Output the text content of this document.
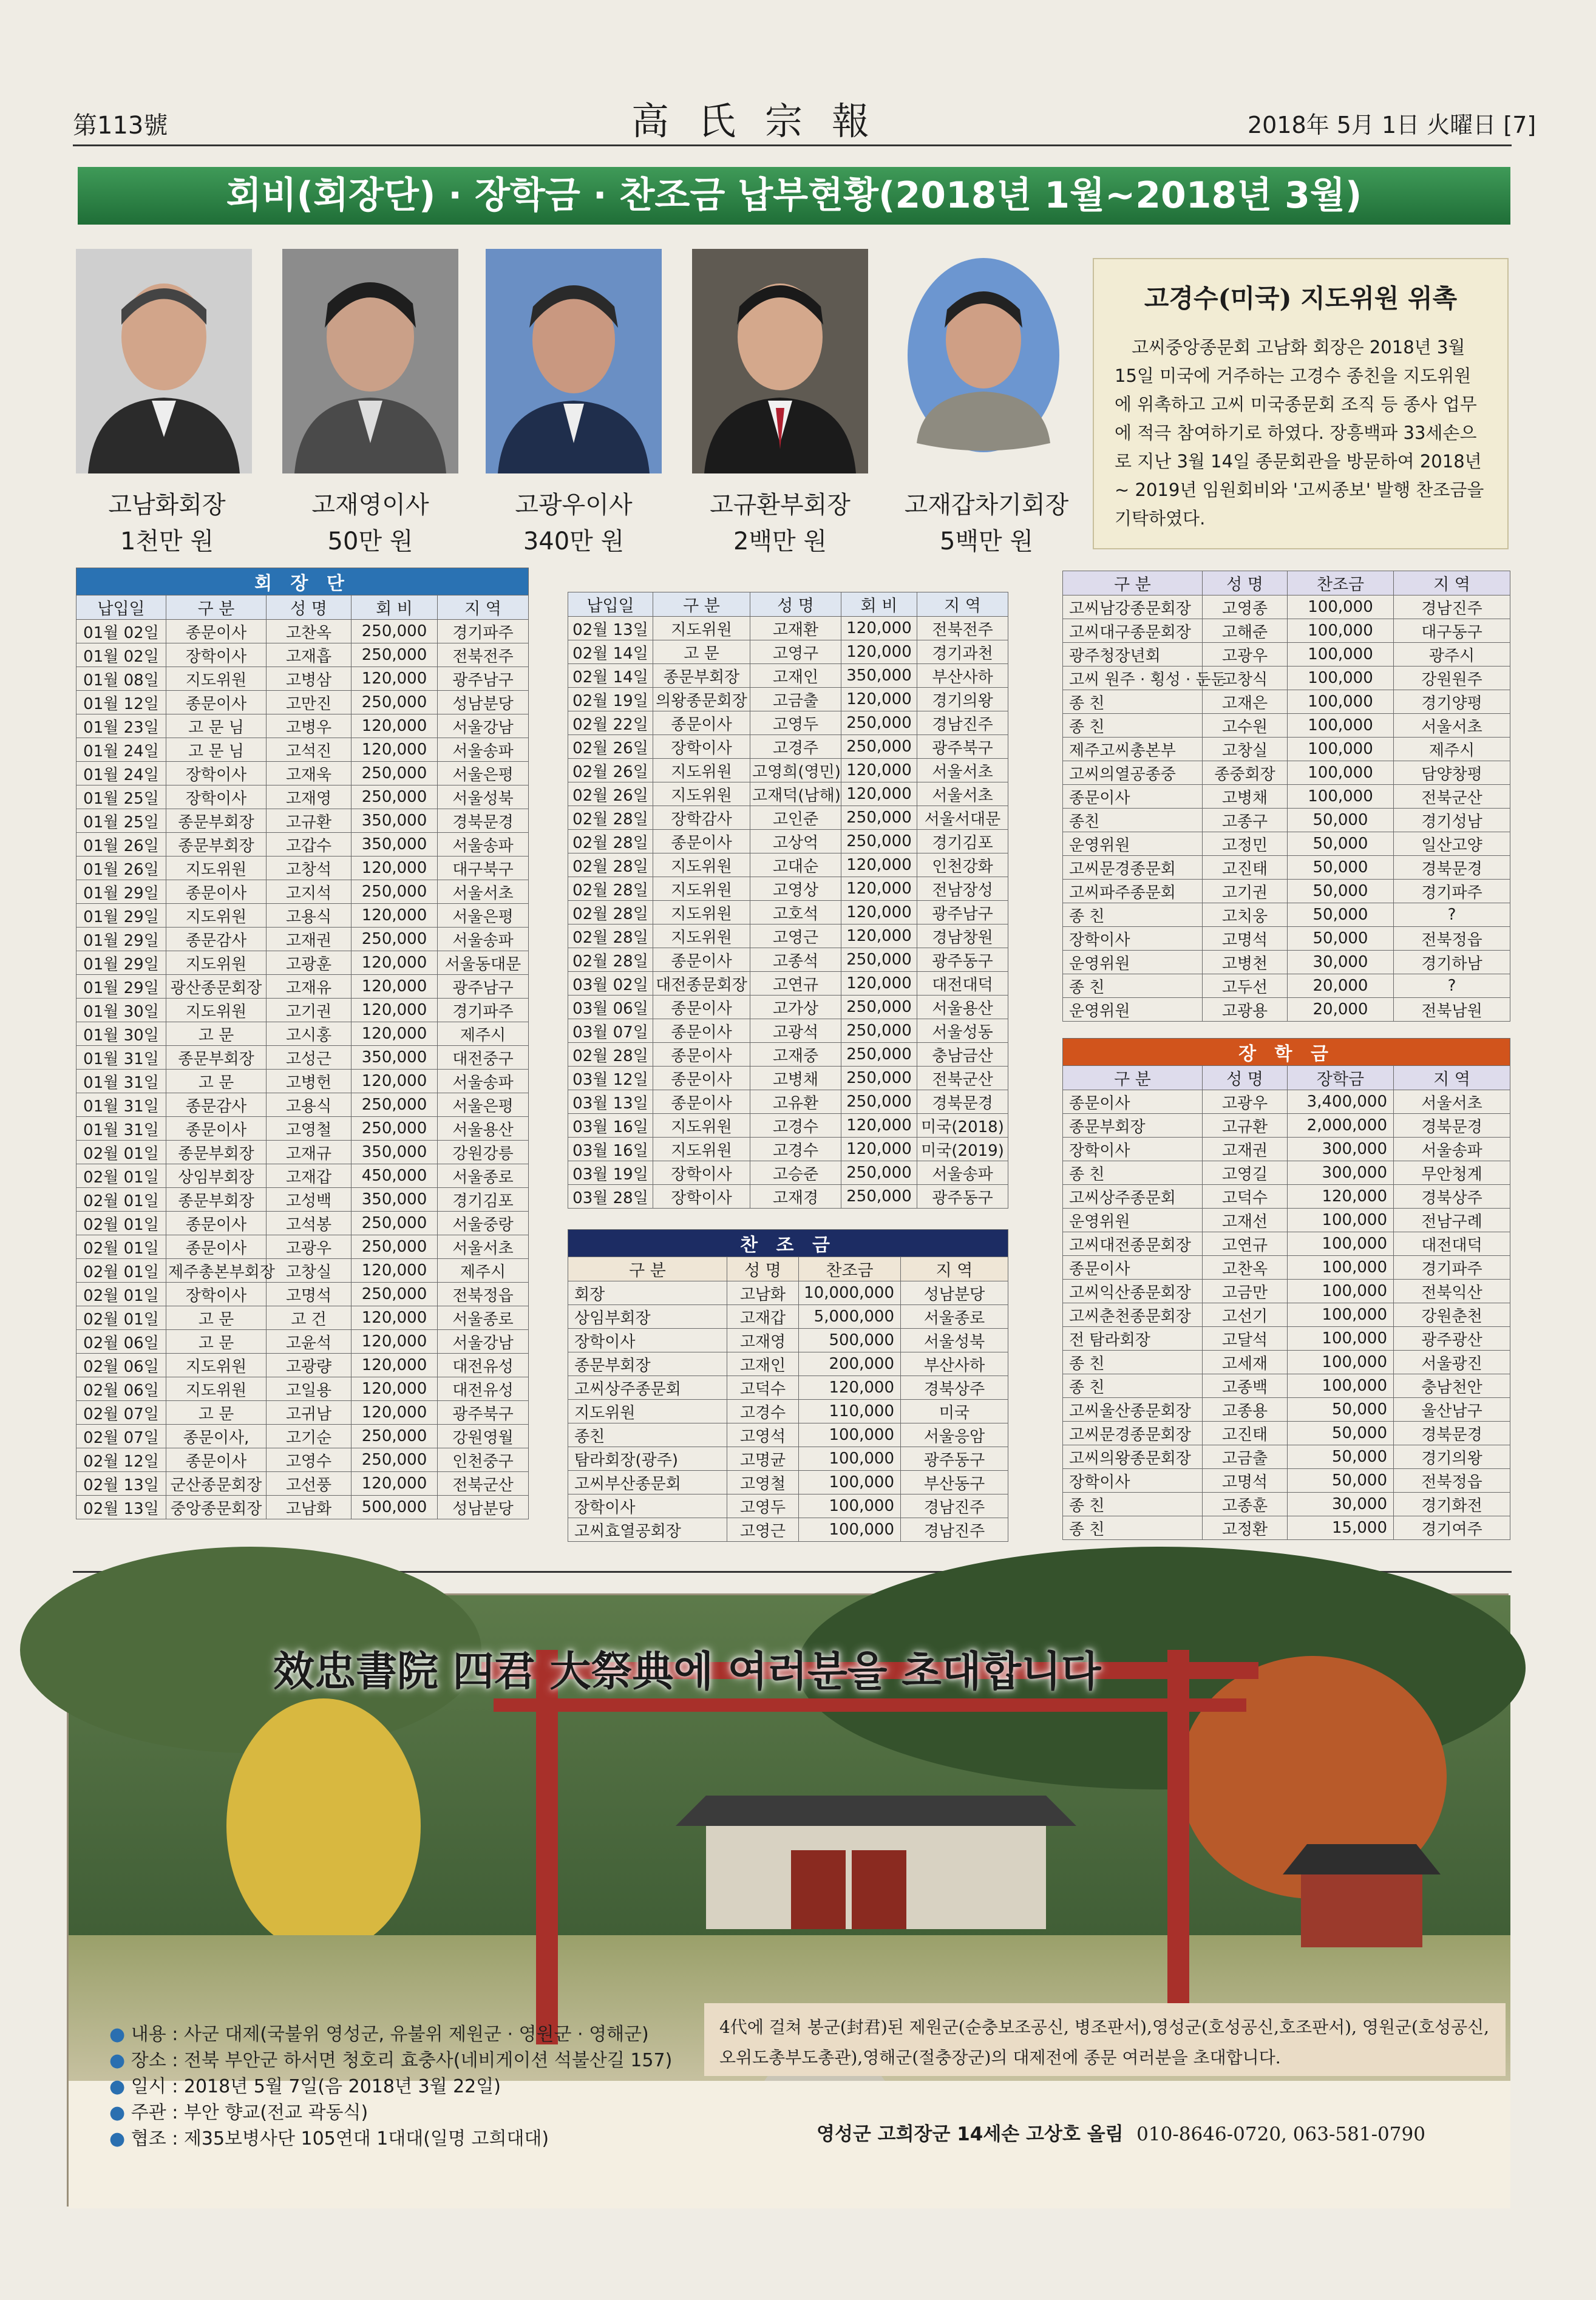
第113號	高氏宗報	2018年 5月 1日 火曜日 [7]
회비(회장단) · 장학금 · 찬조금 납부현황(2018년 1월~2018년 3월)
고남화회장
1천만 원
고재영이사
50만 원
고광우이사
340만 원
고규환부회장
2백만 원
고재갑차기회장
5백만 원
고경수(미국) 지도위원 위촉

고씨중앙종문회 고남화 회장은 2018년 3월 15일 미국에 거주하는 고경수 종친을 지도위원에 위촉하고 고씨 미국종문회 조직 등 종사 업무에 적극 참여하기로 하였다. 장흥백파 33세손으로 지난 3월 14일 종문회관을 방문하여 2018년~ 2019년 임원회비와 '고씨종보' 발행 찬조금을 기탁하였다.

회 장 단				
납입일	구 분	성 명	회 비	지 역
01월 02일	종문이사	고찬옥	250,000	경기파주
01월 02일	장학이사	고재흡	250,000	전북전주
01월 08일	지도위원	고병삼	120,000	광주남구
01월 12일	종문이사	고만진	250,000	성남분당
01월 23일	고 문 님	고병우	120,000	서울강남
01월 24일	고 문 님	고석진	120,000	서울송파
01월 24일	장학이사	고재욱	250,000	서울은평
01월 25일	장학이사	고재영	250,000	서울성북
01월 25일	종문부회장	고규환	350,000	경북문경
01월 26일	종문부회장	고갑수	350,000	서울송파
01월 26일	지도위원	고창석	120,000	대구북구
01월 29일	종문이사	고지석	250,000	서울서초
01월 29일	지도위원	고용식	120,000	서울은평
01월 29일	종문감사	고재권	250,000	서울송파
01월 29일	지도위원	고광훈	120,000	서울동대문
01월 29일	광산종문회장	고재유	120,000	광주남구
01월 30일	지도위원	고기권	120,000	경기파주
01월 30일	고 문	고시홍	120,000	제주시
01월 31일	종문부회장	고성근	350,000	대전중구
01월 31일	고 문	고병헌	120,000	서울송파
01월 31일	종문감사	고용식	250,000	서울은평
01월 31일	종문이사	고영철	250,000	서울용산
02월 01일	종문부회장	고재규	350,000	강원강릉
02월 01일	상임부회장	고재갑	450,000	서울종로
02월 01일	종문부회장	고성백	350,000	경기김포
02월 01일	종문이사	고석봉	250,000	서울중랑
02월 01일	종문이사	고광우	250,000	서울서초
02월 01일	제주총본부회장	고창실	120,000	제주시
02월 01일	장학이사	고명석	250,000	전북정읍
02월 01일	고 문	고 건	120,000	서울종로
02월 06일	고 문	고윤석	120,000	서울강남
02월 06일	지도위원	고광량	120,000	대전유성
02월 06일	지도위원	고일용	120,000	대전유성
02월 07일	고 문	고귀남	120,000	광주북구
02월 07일	종문이사,	고기순	250,000	강원영월
02월 12일	종문이사	고영수	250,000	인천중구
02월 13일	군산종문회장	고선풍	120,000	전북군산
02월 13일	중앙종문회장	고남화	500,000	성남분당
납입일	구 분	성 명	회 비	지 역
02월 13일	지도위원	고재환	120,000	전북전주
02월 14일	고 문	고영구	120,000	경기과천
02월 14일	종문부회장	고재인	350,000	부산사하
02월 19일	의왕종문회장	고금출	120,000	경기의왕
02월 22일	종문이사	고영두	250,000	경남진주
02월 26일	장학이사	고경주	250,000	광주북구
02월 26일	지도위원	고영희(영민)	120,000	서울서초
02월 26일	지도위원	고재덕(남해)	120,000	서울서초
02월 28일	장학감사	고인준	250,000	서울서대문
02월 28일	종문이사	고상억	250,000	경기김포
02월 28일	지도위원	고대순	120,000	인천강화
02월 28일	지도위원	고영상	120,000	전남장성
02월 28일	지도위원	고호석	120,000	광주남구
02월 28일	지도위원	고영근	120,000	경남창원
02월 28일	종문이사	고종석	250,000	광주동구
03월 02일	대전종문회장	고연규	120,000	대전대덕
03월 06일	종문이사	고가상	250,000	서울용산
03월 07일	종문이사	고광석	250,000	서울성동
02월 28일	종문이사	고재중	250,000	충남금산
03월 12일	종문이사	고병채	250,000	전북군산
03월 13일	종문이사	고유환	250,000	경북문경
03월 16일	지도위원	고경수	120,000	미국(2018)
03월 16일	지도위원	고경수	120,000	미국(2019)
03월 19일	장학이사	고승준	250,000	서울송파
03월 28일	장학이사	고재경	250,000	광주동구
찬 조 금			
구 분	성 명	찬조금	지 역
회장	고남화	10,000,000	성남분당
상임부회장	고재갑	5,000,000	서울종로
장학이사	고재영	500,000	서울성북
종문부회장	고재인	200,000	부산사하
고씨상주종문회	고덕수	120,000	경북상주
지도위원	고경수	110,000	미국
종친	고영석	100,000	서울응암
탐라회장(광주)	고명균	100,000	광주동구
고씨부산종문회	고영철	100,000	부산동구
장학이사	고영두	100,000	경남진주
고씨효열공회장	고영근	100,000	경남진주
구 분	성 명	찬조금	지 역
고씨남강종문회장	고영종	100,000	경남진주
고씨대구종문회장	고해준	100,000	대구동구
광주청장년회	고광우	100,000	광주시
고씨 원주 · 횡성 · 둔둔	고창식	100,000	강원원주
종 친	고재은	100,000	경기양평
종 친	고수원	100,000	서울서초
제주고씨총본부	고창실	100,000	제주시
고씨의열공종중	종중회장	100,000	담양창평
종문이사	고병채	100,000	전북군산
종친	고종구	50,000	경기성남
운영위원	고정민	50,000	일산고양
고씨문경종문회	고진태	50,000	경북문경
고씨파주종문회	고기권	50,000	경기파주
종 친	고치웅	50,000	?
장학이사	고명석	50,000	전북정읍
운영위원	고병천	30,000	경기하남
종 친	고두선	20,000	?
운영위원	고광용	20,000	전북남원
장 학 금			
구 분	성 명	장학금	지 역
종문이사	고광우	3,400,000	서울서초
종문부회장	고규환	2,000,000	경북문경
장학이사	고재권	300,000	서울송파
종 친	고영길	300,000	무안청계
고씨상주종문회	고덕수	120,000	경북상주
운영위원	고재선	100,000	전남구례
고씨대전종문회장	고연규	100,000	대전대덕
종문이사	고찬옥	100,000	경기파주
고씨익산종문회장	고금만	100,000	전북익산
고씨춘천종문회장	고선기	100,000	강원춘천
전 탐라회장	고달석	100,000	광주광산
종 친	고세재	100,000	서울광진
종 친	고종백	100,000	충남천안
고씨울산종문회장	고종용	50,000	울산남구
고씨문경종문회장	고진태	50,000	경북문경
고씨의왕종문회장	고금출	50,000	경기의왕
장학이사	고명석	50,000	전북정읍
종 친	고종훈	30,000	경기화전
종 친	고정환	15,000	경기여주
效忠書院 四君 大祭典에 여러분을 초대합니다
● 내용 : 사군 대제(국불위 영성군, 유불위 제원군 · 영원군 · 영해군)
● 장소 : 전북 부안군 하서면 청호리 효충사(네비게이션 석불산길 157)
● 일시 : 2018년 5월 7일(음 2018년 3월 22일)
● 주관 : 부안 향교(전교 곽동식)
● 협조 : 제35보병사단 105연대 1대대(일명 고희대대)
4代에 걸쳐 봉군(封君)된 제원군(순충보조공신, 병조판서),영성군(호성공신,호조판서), 영원군(호성공신, 오위도총부도총관),영해군(절충장군)의 대제전에 종문 여러분을 초대합니다.
영성군 고희장군 14세손 고상호 올림 010-8646-0720, 063-581-0790
